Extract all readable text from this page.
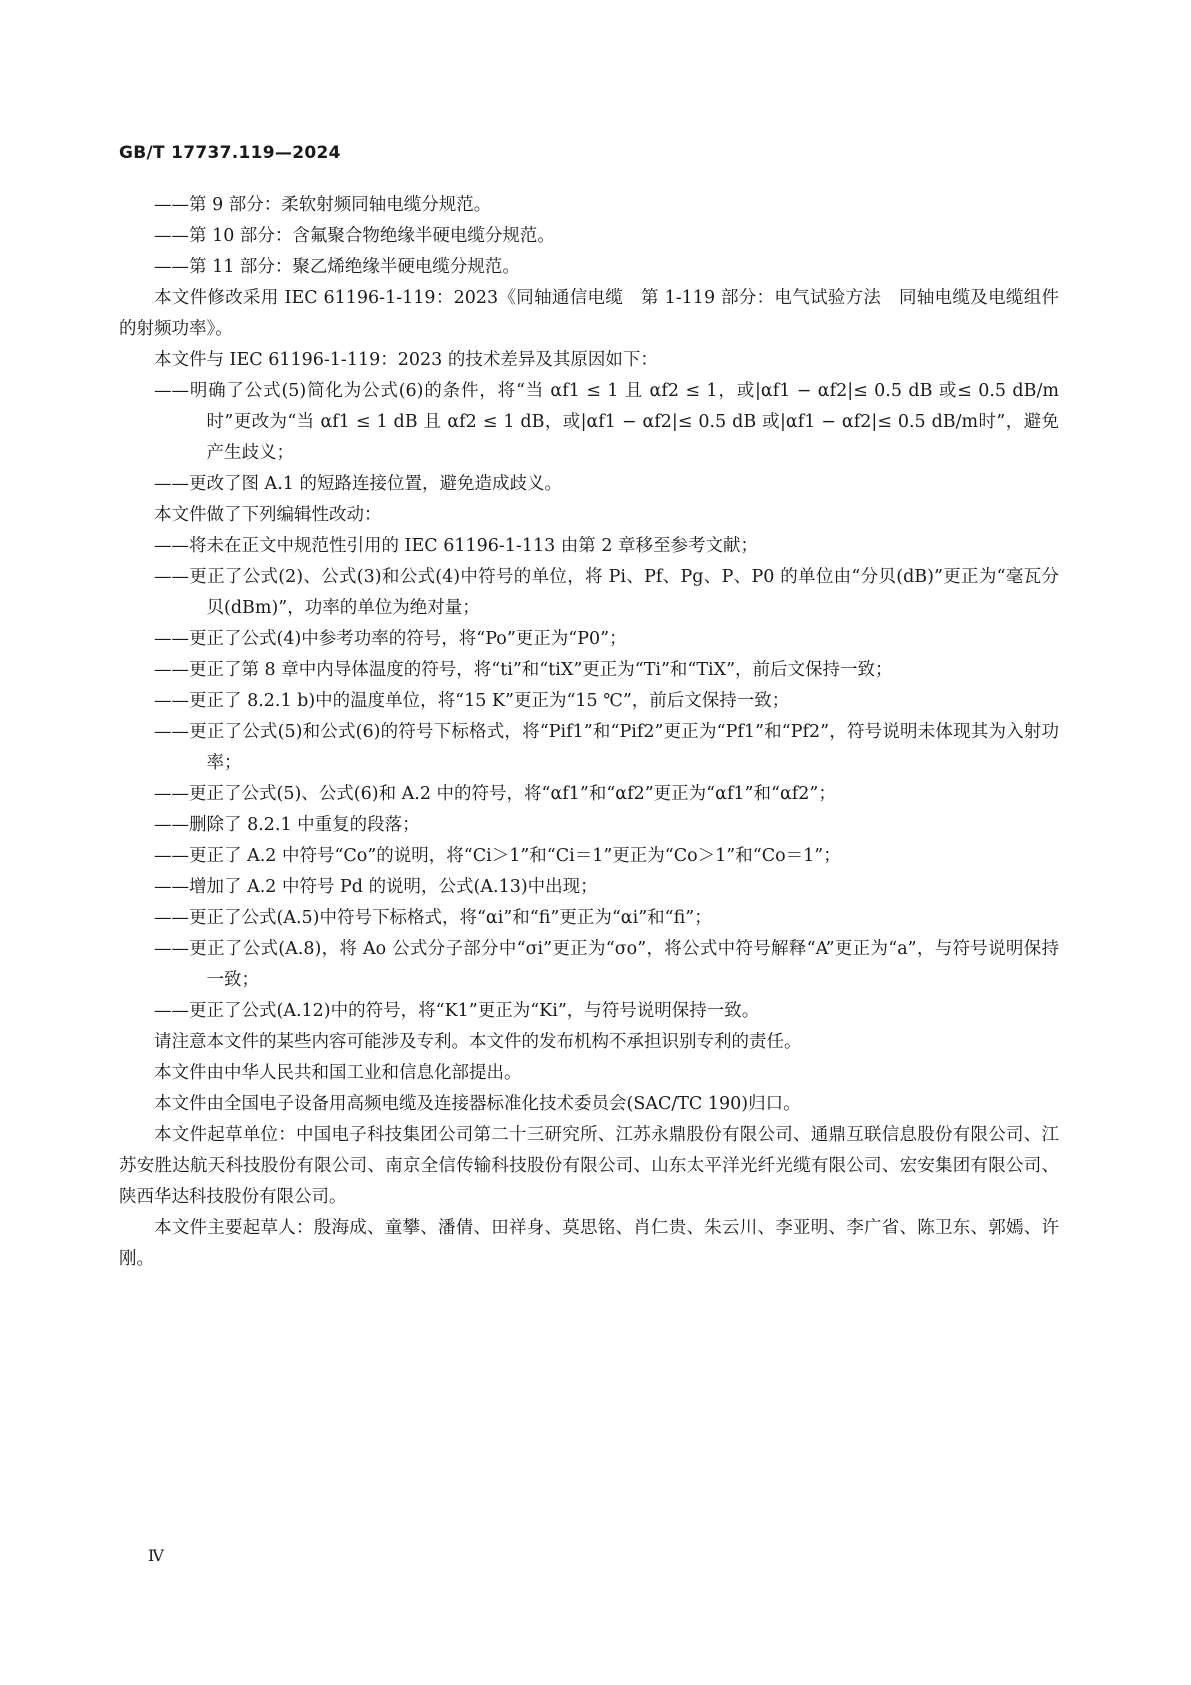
GB/T 17737.119—2024

——第 9 部分：柔软射频同轴电缆分规范。

——第 10 部分：含氟聚合物绝缘半硬电缆分规范。

——第 11 部分：聚乙烯绝缘半硬电缆分规范。

本文件修改采用 IEC 61196-1-119：2023《同轴通信电缆　第 1-119 部分：电气试验方法　同轴电缆及电缆组件的射频功率》。

本文件与 IEC 61196-1-119：2023 的技术差异及其原因如下：

——明确了公式(5)简化为公式(6)的条件，将“当 αf1 ≤ 1 且 αf2 ≤ 1，或|αf1 − αf2|≤ 0.5 dB 或≤ 0.5 dB/m 时”更改为“当 αf1 ≤ 1 dB 且 αf2 ≤ 1 dB，或|αf1 − αf2|≤ 0.5 dB 或|αf1 − αf2|≤ 0.5 dB/m时”，避免产生歧义；

——更改了图 A.1 的短路连接位置，避免造成歧义。

本文件做了下列编辑性改动：

——将未在正文中规范性引用的 IEC 61196-1-113 由第 2 章移至参考文献；

——更正了公式(2)、公式(3)和公式(4)中符号的单位，将 Pi、Pf、Pg、P、P0 的单位由“分贝(dB)”更正为“毫瓦分贝(dBm)”，功率的单位为绝对量；

——更正了公式(4)中参考功率的符号，将“Po”更正为“P0”；

——更正了第 8 章中内导体温度的符号，将“ti”和“tiX”更正为“Ti”和“TiX”，前后文保持一致；

——更正了 8.2.1 b)中的温度单位，将“15 K”更正为“15 ℃”，前后文保持一致；

——更正了公式(5)和公式(6)的符号下标格式，将“Pif1”和“Pif2”更正为“Pf1”和“Pf2”，符号说明未体现其为入射功率；

——更正了公式(5)、公式(6)和 A.2 中的符号，将“αf1”和“αf2”更正为“αf1”和“αf2”；

——删除了 8.2.1 中重复的段落；

——更正了 A.2 中符号“Co”的说明，将“Ci＞1”和“Ci＝1”更正为“Co＞1”和“Co＝1”；

——增加了 A.2 中符号 Pd 的说明，公式(A.13)中出现；

——更正了公式(A.5)中符号下标格式，将“αi”和“fi”更正为“αi”和“fi”；

——更正了公式(A.8)，将 Ao 公式分子部分中“σi”更正为“σo”，将公式中符号解释“A”更正为“a”，与符号说明保持一致；

——更正了公式(A.12)中的符号，将“K1”更正为“Ki”，与符号说明保持一致。

请注意本文件的某些内容可能涉及专利。本文件的发布机构不承担识别专利的责任。

本文件由中华人民共和国工业和信息化部提出。

本文件由全国电子设备用高频电缆及连接器标准化技术委员会(SAC/TC 190)归口。

本文件起草单位：中国电子科技集团公司第二十三研究所、江苏永鼎股份有限公司、通鼎互联信息股份有限公司、江苏安胜达航天科技股份有限公司、南京全信传输科技股份有限公司、山东太平洋光纤光缆有限公司、宏安集团有限公司、陕西华达科技股份有限公司。

本文件主要起草人：殷海成、童攀、潘倩、田祥身、莫思铭、肖仁贵、朱云川、李亚明、李广省、陈卫东、郭嫣、许刚。

Ⅳ
